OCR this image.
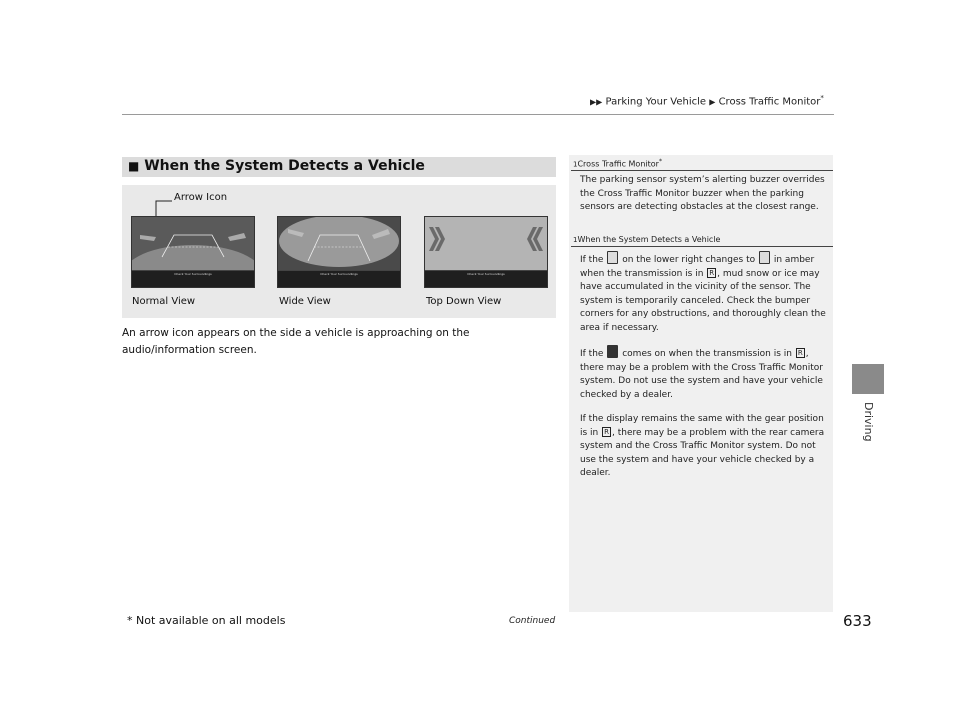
▶▶ Parking Your Vehicle ▶ Cross Traffic Monitor*
Driving
■ When the System Detects a Vehicle
Arrow Icon
Check Your Surroundings	Check Your Surroundings	Check Your Surroundings
Normal View	Wide View	Top Down View
An arrow icon appears on the side a vehicle is approaching on the audio/information screen.
1Cross Traffic Monitor*
The parking sensor system’s alerting buzzer overrides the Cross Traffic Monitor buzzer when the parking sensors are detecting obstacles at the closest range.
1When the System Detects a Vehicle
If the on the lower right changes to in amber when the transmission is in R , mud snow or ice may have accumulated in the vicinity of the sensor. The system is temporarily canceled. Check the bumper corners for any obstructions, and thoroughly clean the area if necessary.
If the comes on when the transmission is in R , there may be a problem with the Cross Traffic Monitor system. Do not use the system and have your vehicle checked by a dealer.
If the display remains the same with the gear position is in R , there may be a problem with the rear camera system and the Cross Traffic Monitor system. Do not use the system and have your vehicle checked by a dealer.
* Not available on all models	Continued	633
